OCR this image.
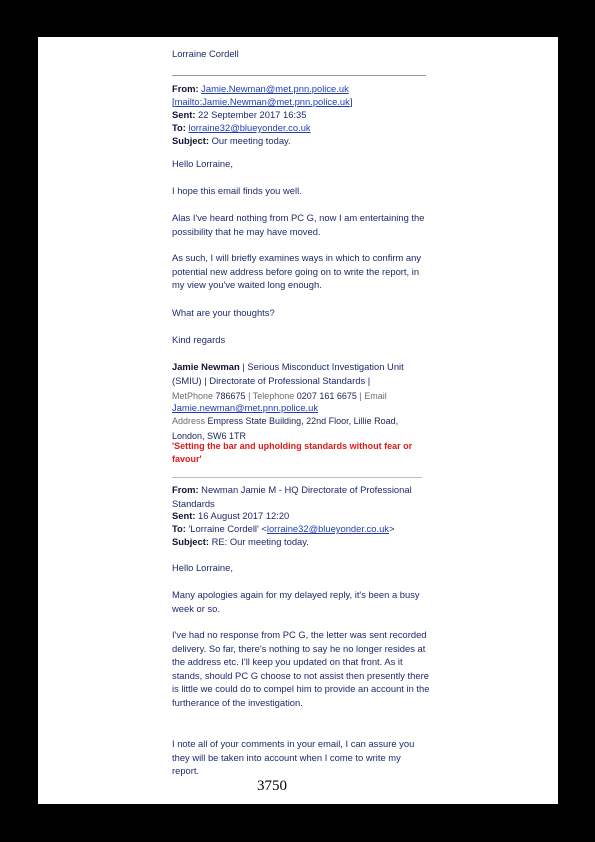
Lorraine Cordell
From: Jamie.Newman@met.pnn.police.uk
[mailto:Jamie.Newman@met.pnn.police.uk]
Sent: 22 September 2017 16:35
To: lorraine32@blueyonder.co.uk
Subject: Our meeting today.
Hello Lorraine,
I hope this email finds you well.
Alas I've heard nothing from PC G, now I am entertaining the possibility that he may have moved.
As such, I will briefly examines ways in which to confirm any potential new address before going on to write the report, in my view you've waited long enough.
What are your thoughts?
Kind regards
Jamie Newman | Serious Misconduct Investigation Unit (SMIU) | Directorate of Professional Standards |
MetPhone 786675 | Telephone 0207 161 6675 | Email
Jamie.newman@met.pnn.police.uk
Address Empress State Building, 22nd Floor, Lillie Road, London, SW6 1TR
'Setting the bar and upholding standards without fear or favour'
From: Newman Jamie M - HQ Directorate of Professional Standards
Sent: 16 August 2017 12:20
To: 'Lorraine Cordell' <lorraine32@blueyonder.co.uk>
Subject: RE: Our meeting today.
Hello Lorraine,
Many apologies again for my delayed reply, it's been a busy week or so.
I've had no response from PC G, the letter was sent recorded delivery. So far, there's nothing to say he no longer resides at the address etc. I'll keep you updated on that front. As it stands, should PC G choose to not assist then presently there is little we could do to compel him to provide an account in the furtherance of the investigation.
I note all of your comments in your email, I can assure you they will be taken into account when I come to write my report.
3750
